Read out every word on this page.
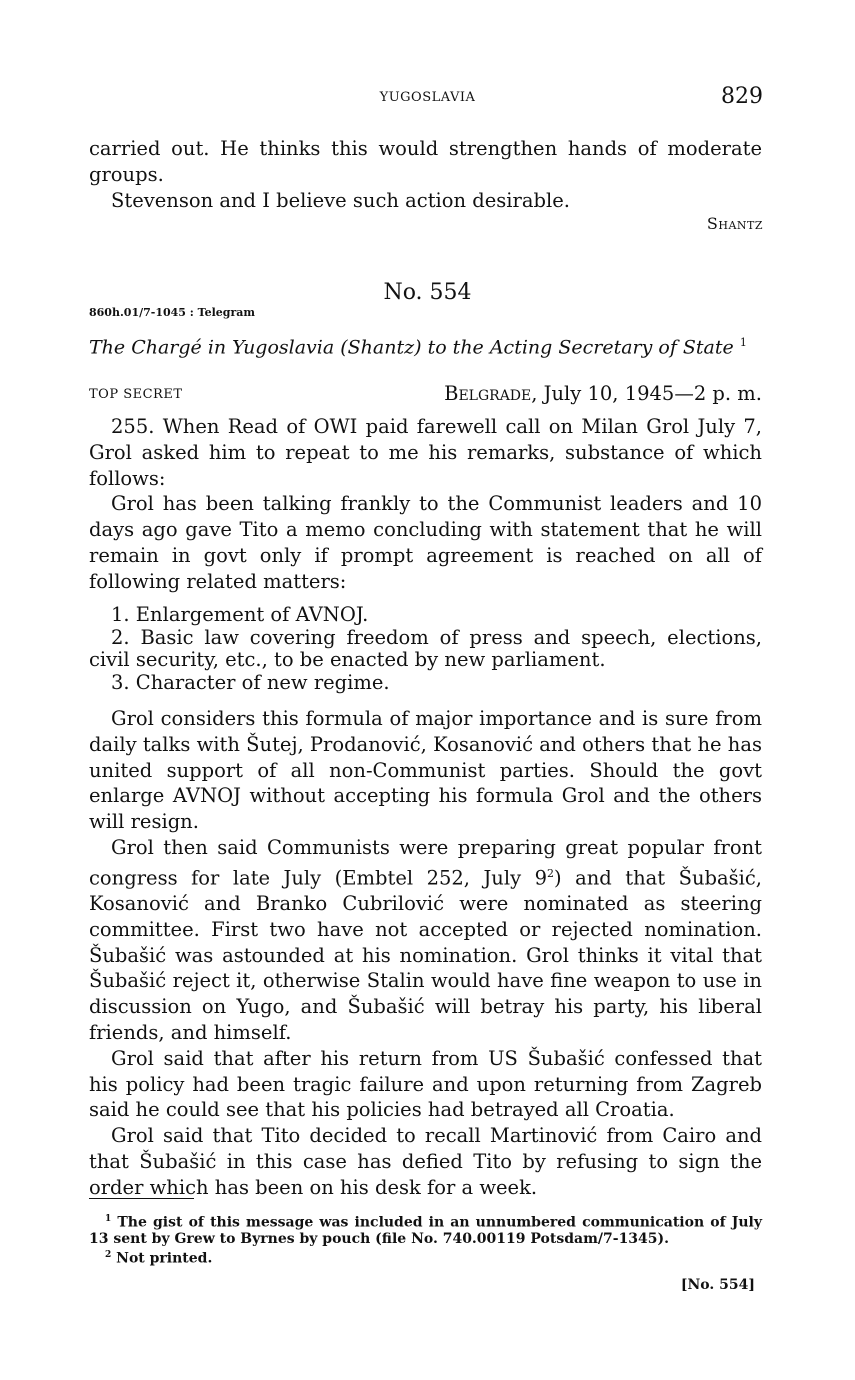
YUGOSLAVIA	829

carried out. He thinks this would strengthen hands of moderate groups.

Stevenson and I believe such action desirable.

Shantz
No. 554
860h.01/7-1045 : Telegram
The Chargé in Yugoslavia (Shantz) to the Acting Secretary of State $^1$
TOP SECRET	Belgrade, July 10, 1945—2 p. m.

255. When Read of OWI paid farewell call on Milan Grol July 7, Grol asked him to repeat to me his remarks, substance of which follows:

Grol has been talking frankly to the Communist leaders and 10 days ago gave Tito a memo concluding with statement that he will remain in govt only if prompt agreement is reached on all of following related matters:

1. Enlargement of AVNOJ.

2. Basic law covering freedom of press and speech, elections, civil security, etc., to be enacted by new parliament.

3. Character of new regime.

Grol considers this formula of major importance and is sure from daily talks with Šutej, Prodanović, Kosanović and others that he has united support of all non-Communist parties. Should the govt enlarge AVNOJ without accepting his formula Grol and the others will resign.

Grol then said Communists were preparing great popular front congress for late July (Embtel 252, July $9^2$) and that Šubašić, Kosanović and Branko Cubrilović were nominated as steering committee. First two have not accepted or rejected nomination. Šubašić was astounded at his nomination. Grol thinks it vital that Šubašić reject it, otherwise Stalin would have fine weapon to use in discussion on Yugo, and Šubašić will betray his party, his liberal friends, and himself.

Grol said that after his return from US Šubašić confessed that his policy had been tragic failure and upon returning from Zagreb said he could see that his policies had betrayed all Croatia.

Grol said that Tito decided to recall Martinović from Cairo and that Šubašić in this case has defied Tito by refusing to sign the order which has been on his desk for a week.

$^1$ The gist of this message was included in an unnumbered communication of July 13 sent by Grew to Byrnes by pouch (file No. 740.00119 Potsdam/7-1345).

$^2$ Not printed.

[No. 554]
